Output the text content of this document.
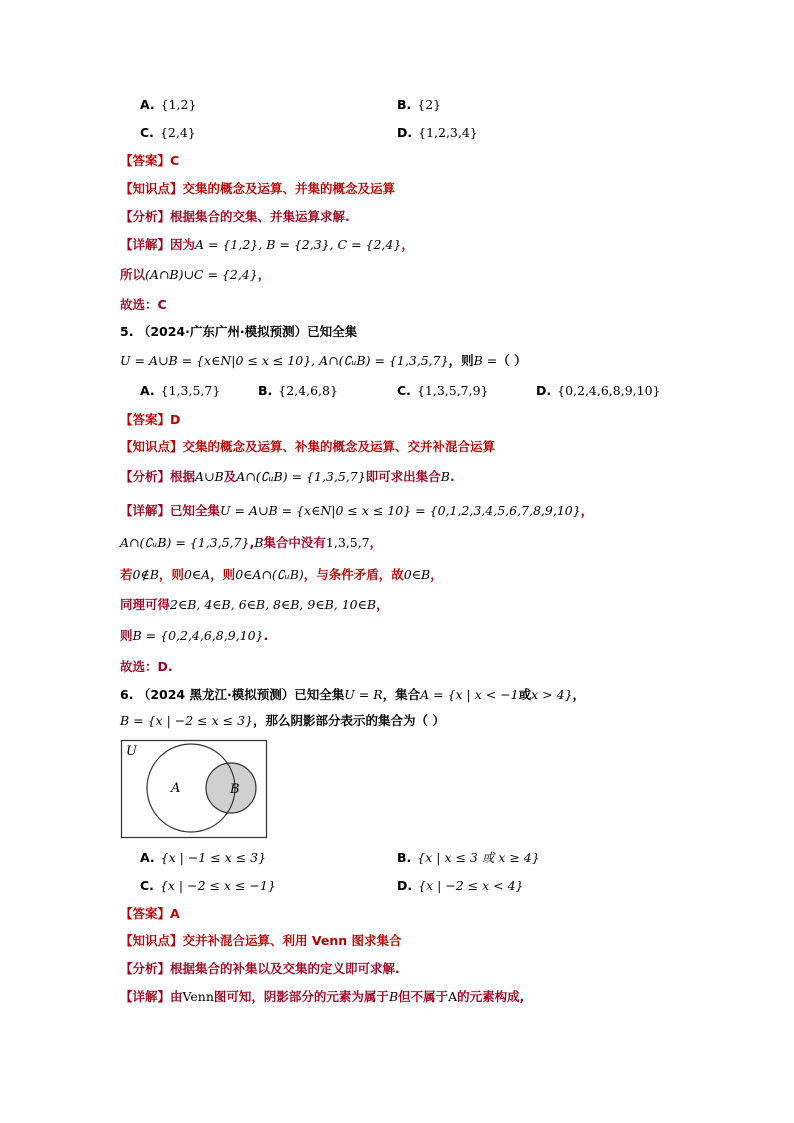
A. {1,2}	B. {2}
C. {2,4}	D. {1,2,3,4}
【答案】C
【知识点】交集的概念及运算、并集的概念及运算
【分析】根据集合的交集、并集运算求解.
【详解】因为A = {1,2}, B = {2,3}, C = {2,4}，
所以(A∩B)∪C = {2,4}，
故选：C
5. （2024·广东广州·模拟预测）已知全集
U = A∪B = {x∈N|0 ≤ x ≤ 10}, A∩(∁ᵤB) = {1,3,5,7}，则B =（ ）
A. {1,3,5,7}	B. {2,4,6,8}	C. {1,3,5,7,9}	D. {0,2,4,6,8,9,10}
【答案】D
【知识点】交集的概念及运算、补集的概念及运算、交并补混合运算
【分析】根据A∪B及A∩(∁ᵤB) = {1,3,5,7}即可求出集合B.
【详解】已知全集U = A∪B = {x∈N|0 ≤ x ≤ 10} = {0,1,2,3,4,5,6,7,8,9,10}，
A∩(∁ᵤB) = {1,3,5,7},B集合中没有1,3,5,7，
若0∉B，则0∈A，则0∈A∩(∁ᵤB)，与条件矛盾，故0∈B，
同理可得2∈B, 4∈B, 6∈B, 8∈B, 9∈B, 10∈B，
则B = {0,2,4,6,8,9,10}.
故选：D.
6. （2024 黑龙江·模拟预测）已知全集U = R，集合A = {x | x < −1或x > 4}，
B = {x | −2 ≤ x ≤ 3}，那么阴影部分表示的集合为（ ）
U
A	B
A. {x | −1 ≤ x ≤ 3}	B. {x | x ≤ 3 或 x ≥ 4}
C. {x | −2 ≤ x ≤ −1}	D. {x | −2 ≤ x < 4}
【答案】A
【知识点】交并补混合运算、利用 Venn 图求集合
【分析】根据集合的补集以及交集的定义即可求解.
【详解】由Venn图可知，阴影部分的元素为属于B但不属于A的元素构成,
